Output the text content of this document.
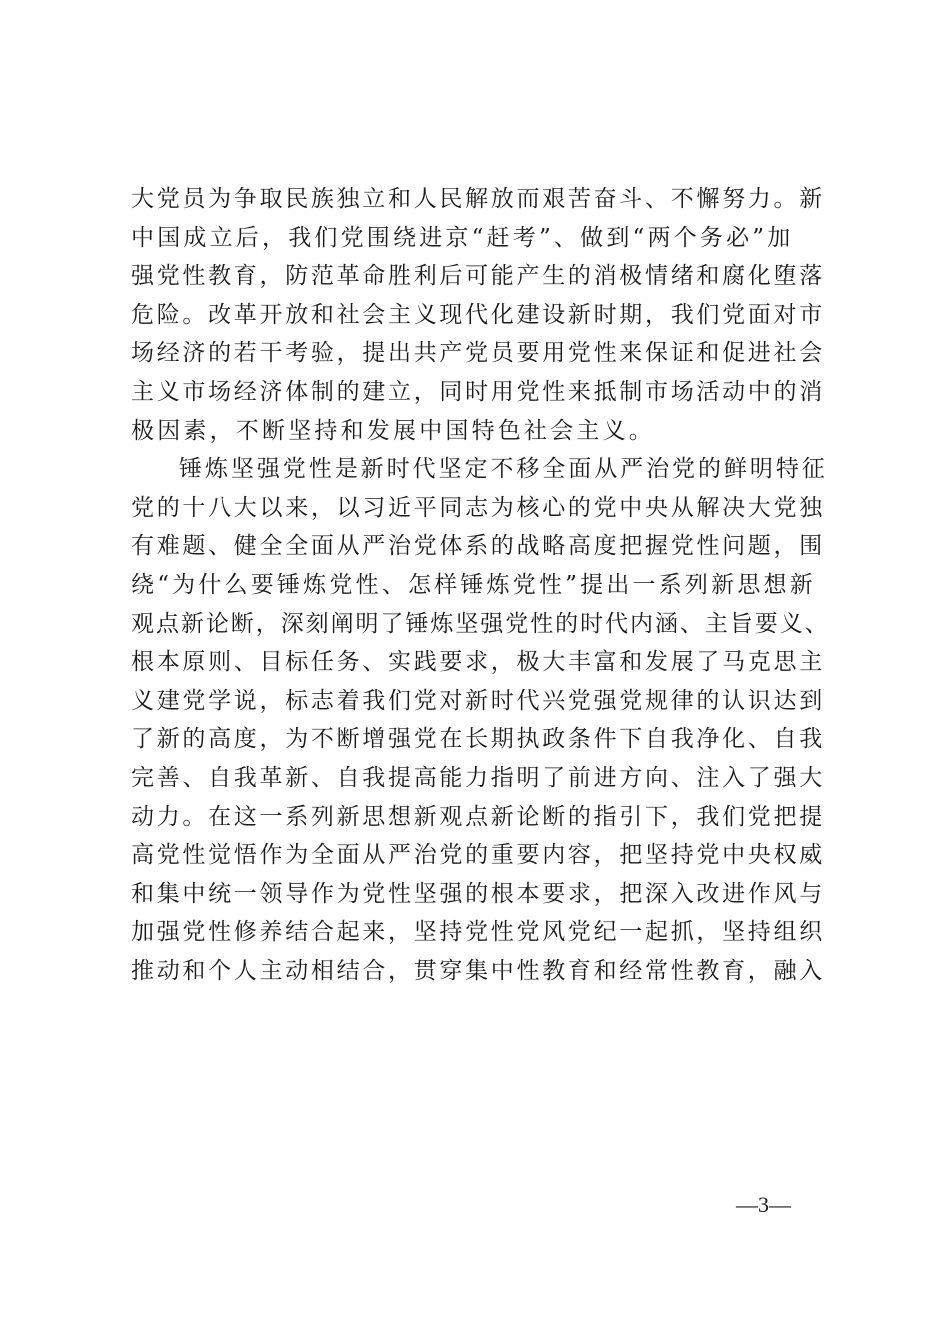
大党员为争取民族独立和人民解放而艰苦奋斗、不懈努力。新

中国成立后，我们党围绕进京“赶考”、做到“两个务必”加

强党性教育，防范革命胜利后可能产生的消极情绪和腐化堕落

危险。改革开放和社会主义现代化建设新时期，我们党面对市

场经济的若干考验，提出共产党员要用党性来保证和促进社会

主义市场经济体制的建立，同时用党性来抵制市场活动中的消

极因素，不断坚持和发展中国特色社会主义。

锤炼坚强党性是新时代坚定不移全面从严治党的鲜明特征

党的十八大以来，以习近平同志为核心的党中央从解决大党独

有难题、健全全面从严治党体系的战略高度把握党性问题，围

绕“为什么要锤炼党性、怎样锤炼党性”提出一系列新思想新

观点新论断，深刻阐明了锤炼坚强党性的时代内涵、主旨要义、

根本原则、目标任务、实践要求，极大丰富和发展了马克思主

义建党学说，标志着我们党对新时代兴党强党规律的认识达到

了新的高度，为不断增强党在长期执政条件下自我净化、自我

完善、自我革新、自我提高能力指明了前进方向、注入了强大

动力。在这一系列新思想新观点新论断的指引下，我们党把提

高党性觉悟作为全面从严治党的重要内容，把坚持党中央权威

和集中统一领导作为党性坚强的根本要求，把深入改进作风与

加强党性修养结合起来，坚持党性党风党纪一起抓，坚持组织

推动和个人主动相结合，贯穿集中性教育和经常性教育，融入

—3—
